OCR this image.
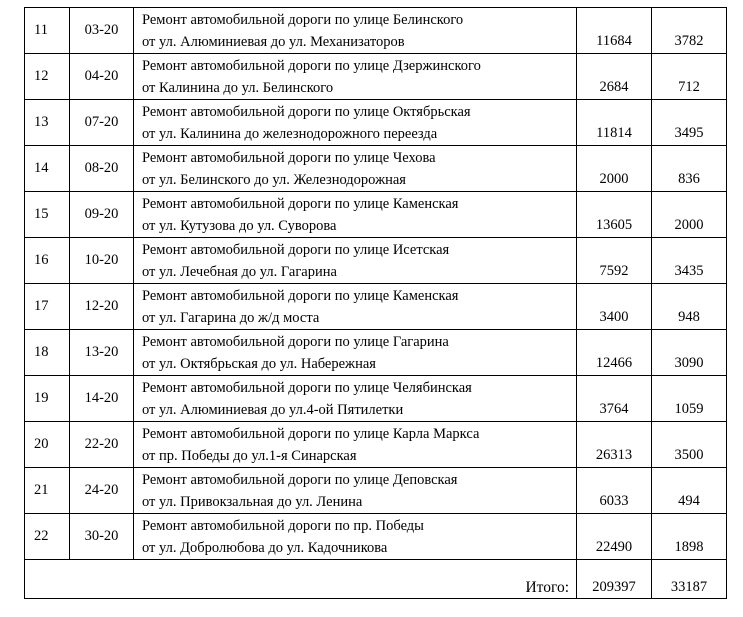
11	03-20	Ремонт автомобильной дороги по улице Белинского
от ул. Алюминиевая до ул. Механизаторов	11684	3782
12	04-20	Ремонт автомобильной дороги по улице Дзержинского
от Калинина до ул. Белинского	2684	712
13	07-20	Ремонт автомобильной дороги по улице Октябрьская
от ул. Калинина до железнодорожного переезда	11814	3495
14	08-20	Ремонт автомобильной дороги по улице Чехова
от ул. Белинского до ул. Железнодорожная	2000	836
15	09-20	Ремонт автомобильной дороги по улице Каменская
от ул. Кутузова до ул. Суворова	13605	2000
16	10-20	Ремонт автомобильной дороги по улице Исетская
от ул. Лечебная до ул. Гагарина	7592	3435
17	12-20	Ремонт автомобильной дороги по улице Каменская
от ул. Гагарина до ж/д моста	3400	948
18	13-20	Ремонт автомобильной дороги по улице Гагарина
от ул. Октябрьская до ул. Набережная	12466	3090
19	14-20	Ремонт автомобильной дороги по улице Челябинская
от ул. Алюминиевая до ул.4-ой Пятилетки	3764	1059
20	22-20	Ремонт автомобильной дороги по улице Карла Маркса
от пр. Победы до ул.1-я Синарская	26313	3500
21	24-20	Ремонт автомобильной дороги по улице Деповская
от ул. Привокзальная до ул. Ленина	6033	494
22	30-20	Ремонт автомобильной дороги по пр. Победы
от ул. Добролюбова до ул. Кадочникова	22490	1898
Итого:			209397	33187
